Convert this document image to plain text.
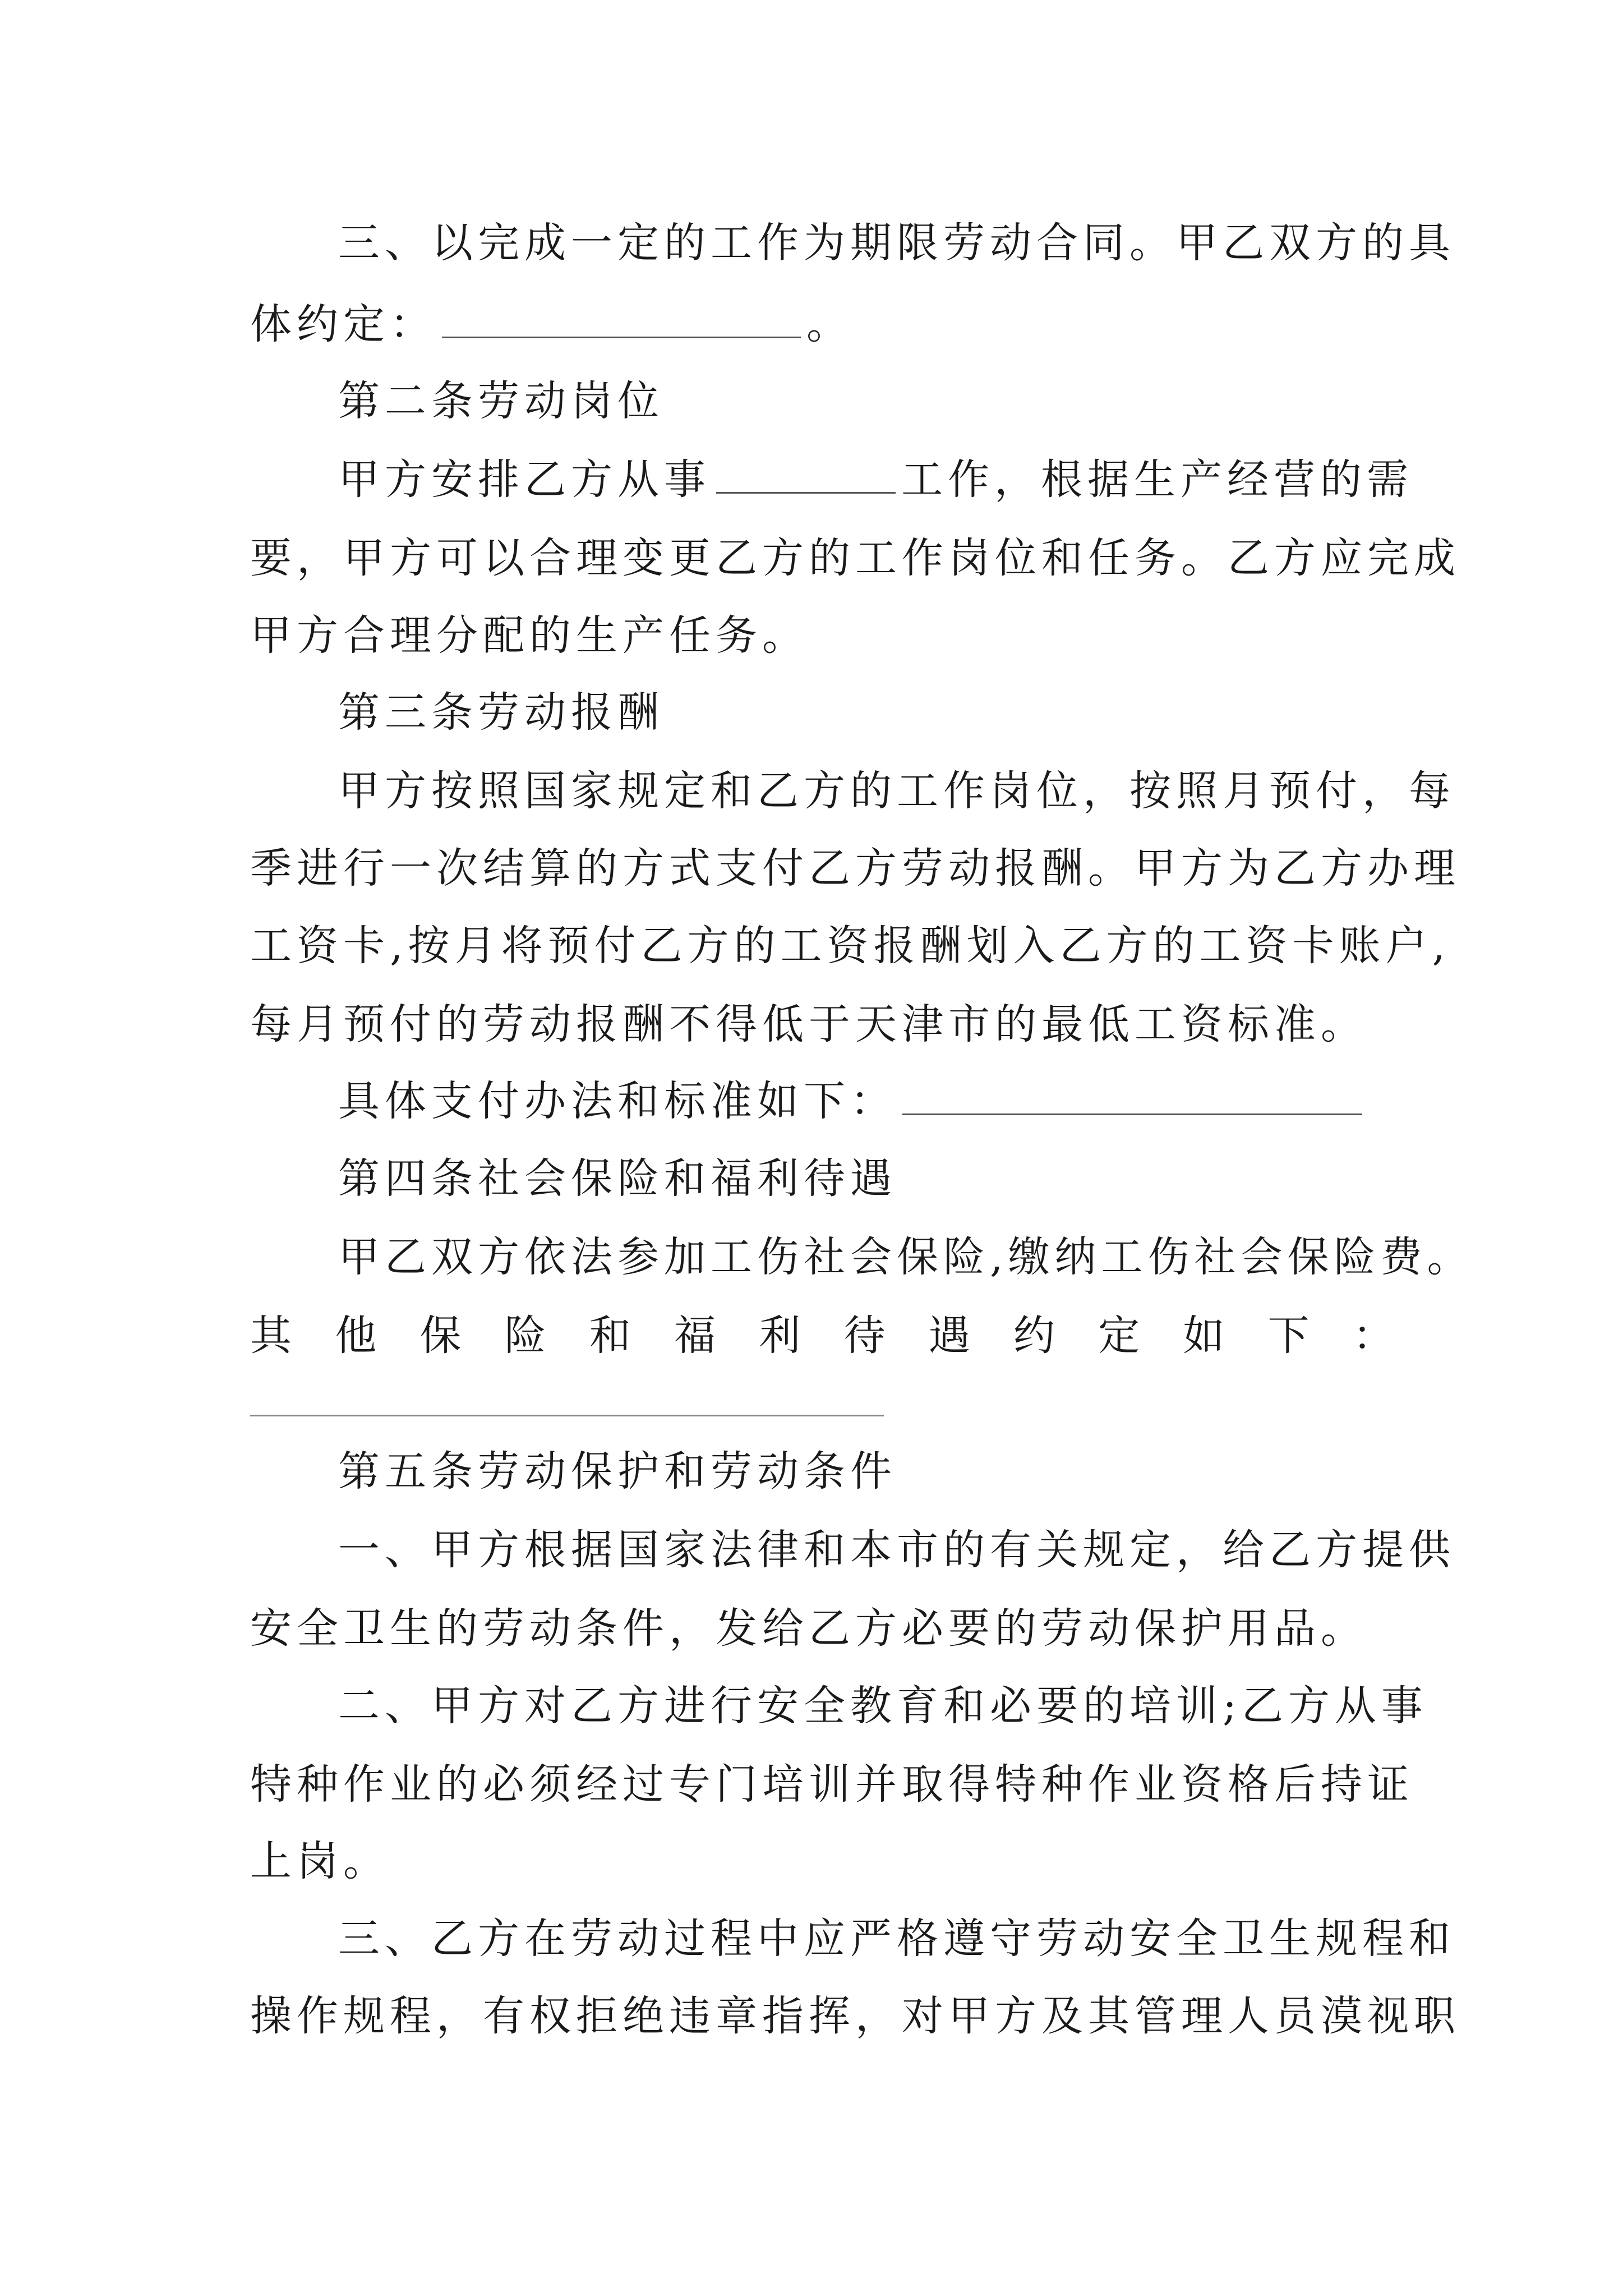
三、以完成一定的工作为期限劳动合同。甲乙双方的具
体约定：	。
第二条劳动岗位
甲方安排乙方从事	工作，根据生产经营的需
要，甲方可以合理变更乙方的工作岗位和任务。乙方应完成
甲方合理分配的生产任务。
第三条劳动报酬
甲方按照国家规定和乙方的工作岗位，按照月预付，每
季进行一次结算的方式支付乙方劳动报酬。甲方为乙方办理
工资卡,按月将预付乙方的工资报酬划入乙方的工资卡账户,
每月预付的劳动报酬不得低于天津市的最低工资标准。
具体支付办法和标准如下：
第四条社会保险和福利待遇
甲乙双方依法参加工伤社会保险,缴纳工伤社会保险费。
其 他 保 险 和 福 利 待 遇 约 定 如 下 ：
第五条劳动保护和劳动条件
一、甲方根据国家法律和本市的有关规定，给乙方提供
安全卫生的劳动条件，发给乙方必要的劳动保护用品。
二、甲方对乙方进行安全教育和必要的培训;乙方从事
特种作业的必须经过专门培训并取得特种作业资格后持证
上岗。
三、乙方在劳动过程中应严格遵守劳动安全卫生规程和
操作规程，有权拒绝违章指挥，对甲方及其管理人员漠视职
